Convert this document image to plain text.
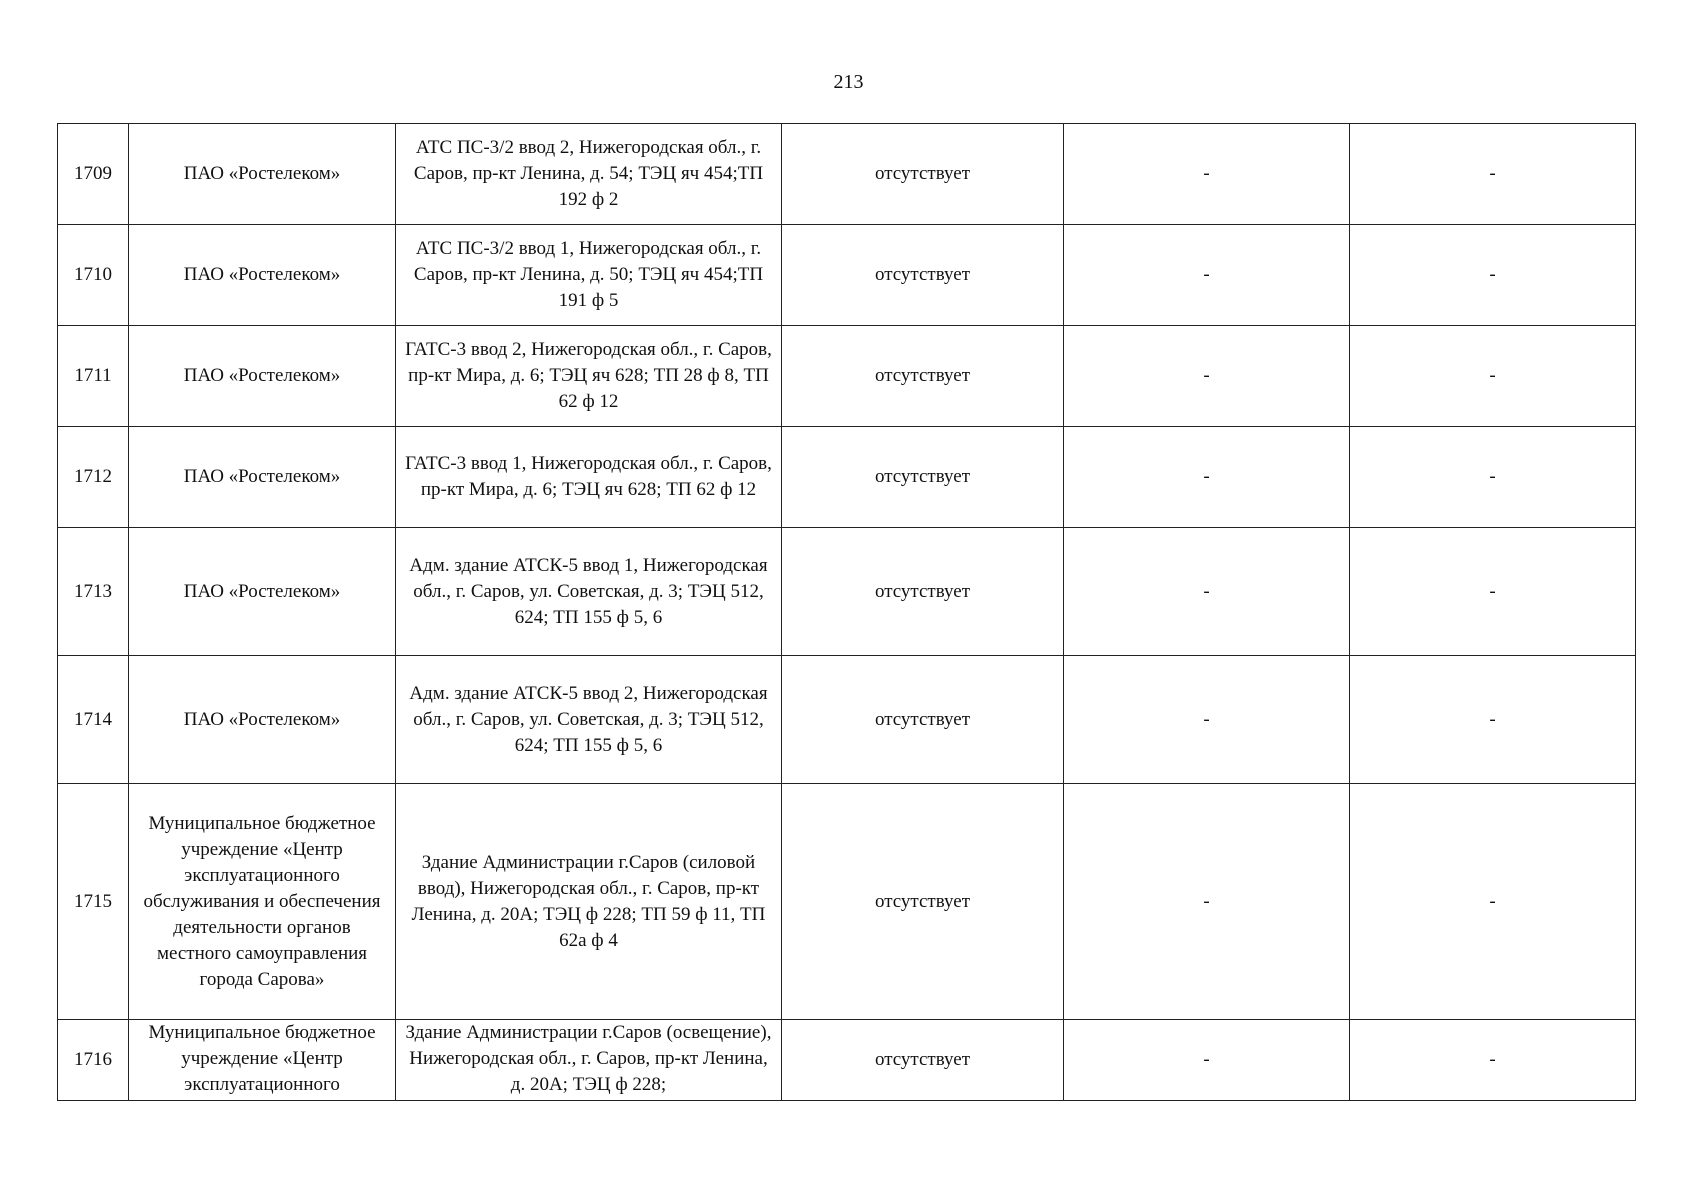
213
1709	ПАО «Ростелеком»	АТС ПС-3/2 ввод 2, Нижегородская обл., г. Саров, пр-кт Ленина, д. 54; ТЭЦ яч 454;ТП 192 ф 2	отсутствует	-	-
1710	ПАО «Ростелеком»	АТС ПС-3/2 ввод 1, Нижегородская обл., г. Саров, пр-кт Ленина, д. 50; ТЭЦ яч 454;ТП 191 ф 5	отсутствует	-	-
1711	ПАО «Ростелеком»	ГАТС-3 ввод 2, Нижегородская обл., г. Саров, пр-кт Мира, д. 6; ТЭЦ яч 628; ТП 28 ф 8, ТП 62 ф 12	отсутствует	-	-
1712	ПАО «Ростелеком»	ГАТС-3 ввод 1, Нижегородская обл., г. Саров, пр-кт Мира, д. 6; ТЭЦ яч 628; ТП 62 ф 12	отсутствует	-	-
1713	ПАО «Ростелеком»	Адм. здание АТСК-5 ввод 1, Нижегородская обл., г. Саров, ул. Советская, д. 3; ТЭЦ 512, 624; ТП 155 ф 5, 6	отсутствует	-	-
1714	ПАО «Ростелеком»	Адм. здание АТСК-5 ввод 2, Нижегородская обл., г. Саров, ул. Советская, д. 3; ТЭЦ 512, 624; ТП 155 ф 5, 6	отсутствует	-	-
1715	Муниципальное бюджетное учреждение «Центр эксплуатационного обслуживания и обеспечения деятельности органов местного самоуправления города Сарова»	Здание Администрации г.Саров (силовой ввод), Нижегородская обл., г. Саров, пр-кт Ленина, д. 20А; ТЭЦ ф 228; ТП 59 ф 11, ТП 62а ф 4	отсутствует	-	-
1716	Муниципальное бюджетное учреждение «Центр эксплуатационного	Здание Администрации г.Саров (освещение), Нижегородская обл., г. Саров, пр-кт Ленина, д. 20А; ТЭЦ ф 228;	отсутствует	-	-
